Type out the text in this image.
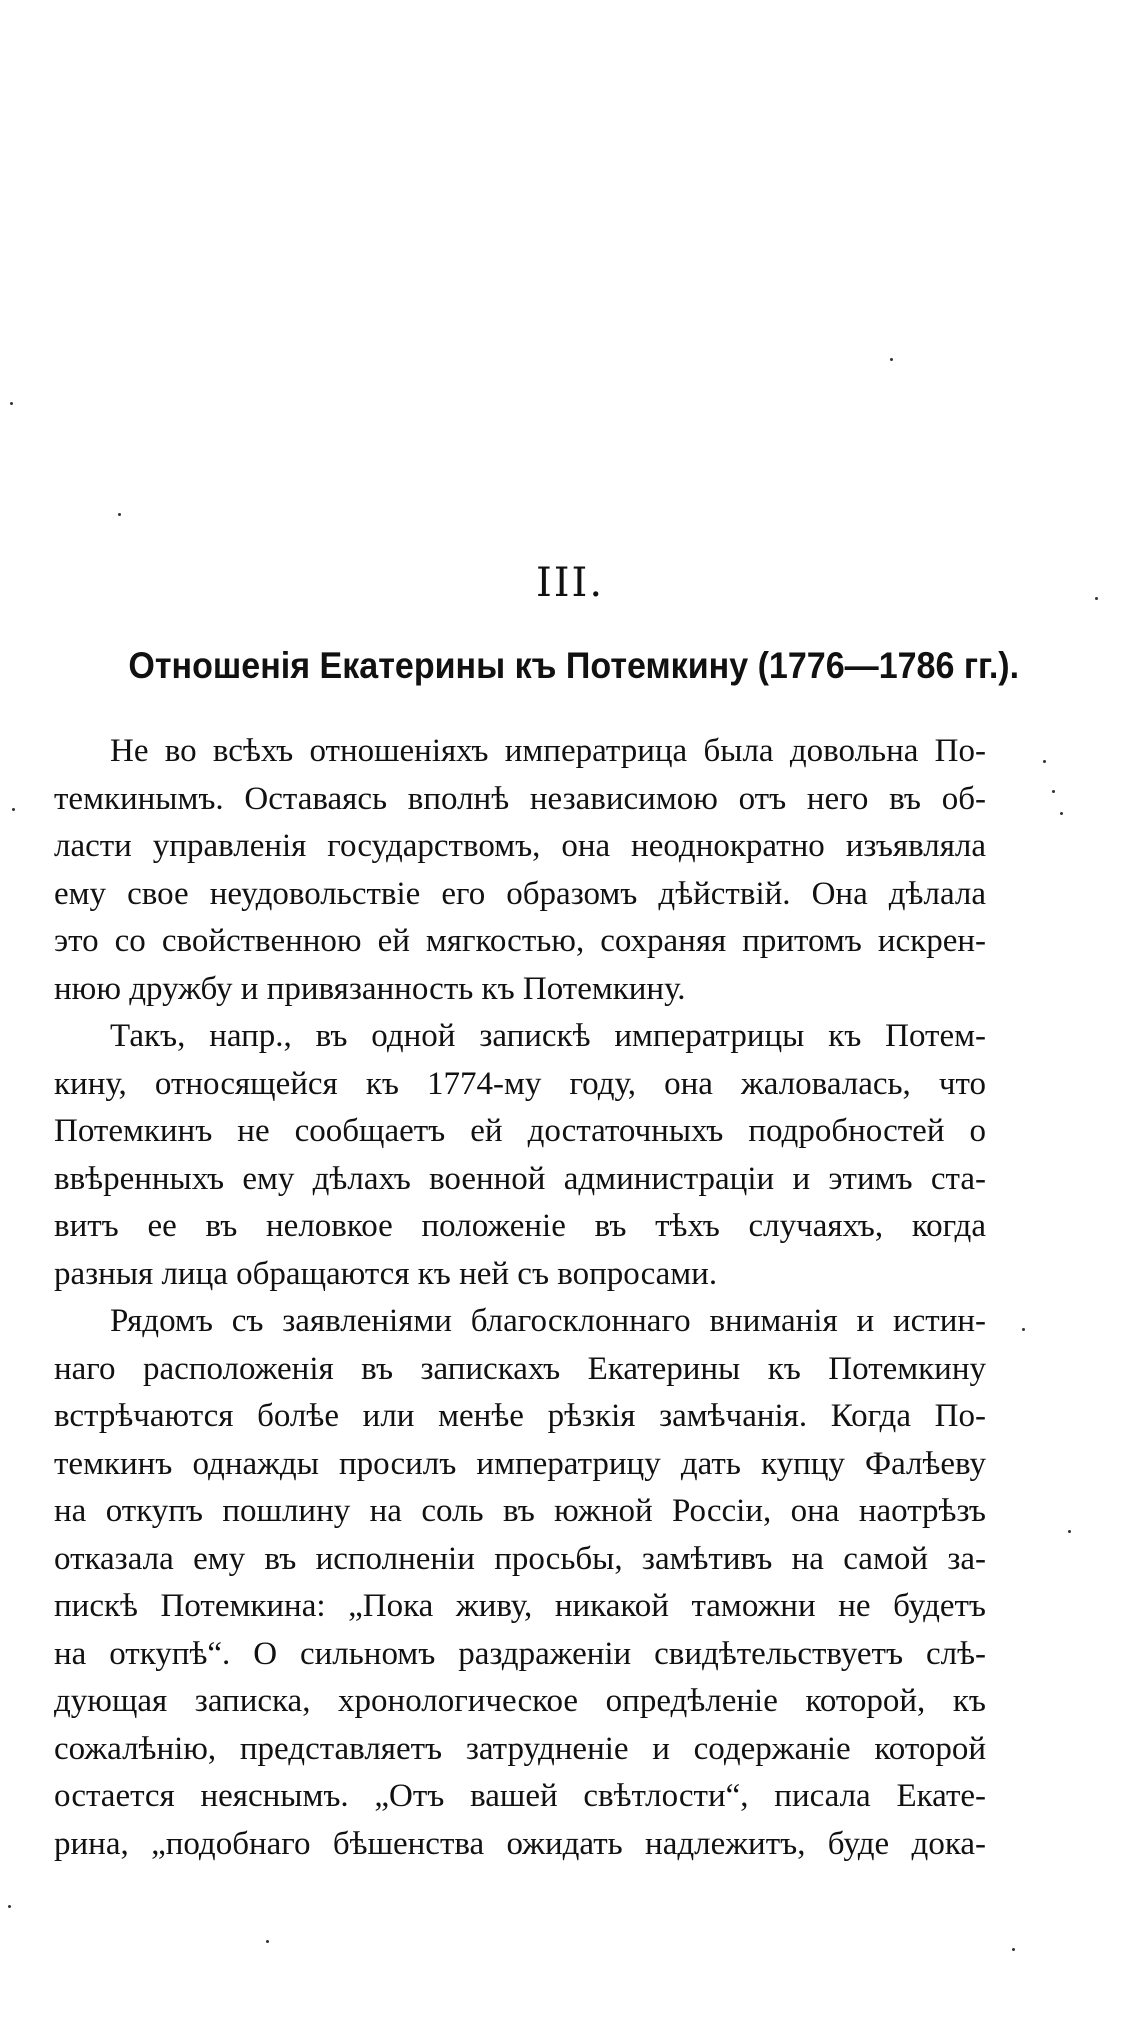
III.
Отношенія Екатерины къ Потемкину (1776—1786 гг.).
Не во всѣхъ отношеніяхъ императрица была довольна По-
темкинымъ. Оставаясь вполнѣ независимою отъ него въ об-
ласти управленія государствомъ, она неоднократно изъявляла
ему свое неудовольствіе его образомъ дѣйствій. Она дѣлала
это со свойственною ей мягкостью, сохраняя притомъ искрен-
нюю дружбу и привязанность къ Потемкину.
Такъ, напр., въ одной запискѣ императрицы къ Потем-
кину, относящейся къ 1774-му году, она жаловалась, что
Потемкинъ не сообщаетъ ей достаточныхъ подробностей о
ввѣренныхъ ему дѣлахъ военной администраціи и этимъ ста-
витъ ее въ неловкое положеніе въ тѣхъ случаяхъ, когда
разныя лица обращаются къ ней съ вопросами.
Рядомъ съ заявленіями благосклоннаго вниманія и истин-
наго расположенія въ запискахъ Екатерины къ Потемкину
встрѣчаются болѣе или менѣе рѣзкія замѣчанія. Когда По-
темкинъ однажды просилъ императрицу дать купцу Фалѣеву
на откупъ пошлину на соль въ южной Россіи, она наотрѣзъ
отказала ему въ исполненіи просьбы, замѣтивъ на самой за-
пискѣ Потемкина: „Пока живу, никакой таможни не будетъ
на откупѣ“. О сильномъ раздраженіи свидѣтельствуетъ слѣ-
дующая записка, хронологическое опредѣленіе которой, къ
сожалѣнію, представляетъ затрудненіе и содержаніе которой
остается неяснымъ. „Отъ вашей свѣтлости“, писала Екате-
рина, „подобнаго бѣшенства ожидать надлежитъ, буде дока-
